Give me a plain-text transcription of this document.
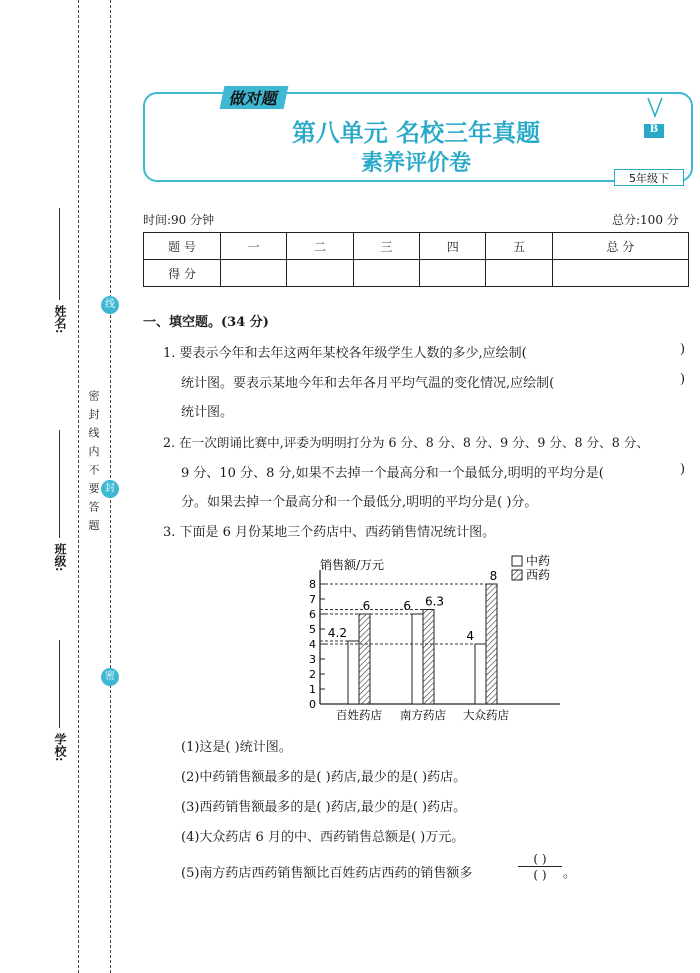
姓名:
班级:
学校:
密 封 线 内 不 要 答 题
线
封
密
做对题
第八单元 名校三年真题
素养评价卷
B
5年级下
时间:90 分钟	总分:100 分
题 号	一	二	三	四	五	总 分
得 分						
一、填空题。(34 分)
1. 要表示今年和去年这两年某校各年级学生人数的多少,应绘制(	)
统计图。要表示某地今年和去年各月平均气温的变化情况,应绘制(	)
统计图。
2. 在一次朗诵比赛中,评委为明明打分为 6 分、8 分、8 分、9 分、9 分、8 分、8 分、
9 分、10 分、8 分,如果不去掉一个最高分和一个最低分,明明的平均分是(	)
分。如果去掉一个最高分和一个最低分,明明的平均分是( )分。
3. 下面是 6 月份某地三个药店中、西药销售情况统计图。
销售额/万元
0
1
2
3
4
5
6
7
8
4.2
6
百姓药店
6 6.3
南方药店
4
8
大众药店
中药
西药
(1)这是( )统计图。
(2)中药销售额最多的是( )药店,最少的是( )药店。
(3)西药销售额最多的是( )药店,最少的是( )药店。
(4)大众药店 6 月的中、西药销售总额是( )万元。
(5)南方药店西药销售额比百姓药店西药的销售额多
( )
( )	。
